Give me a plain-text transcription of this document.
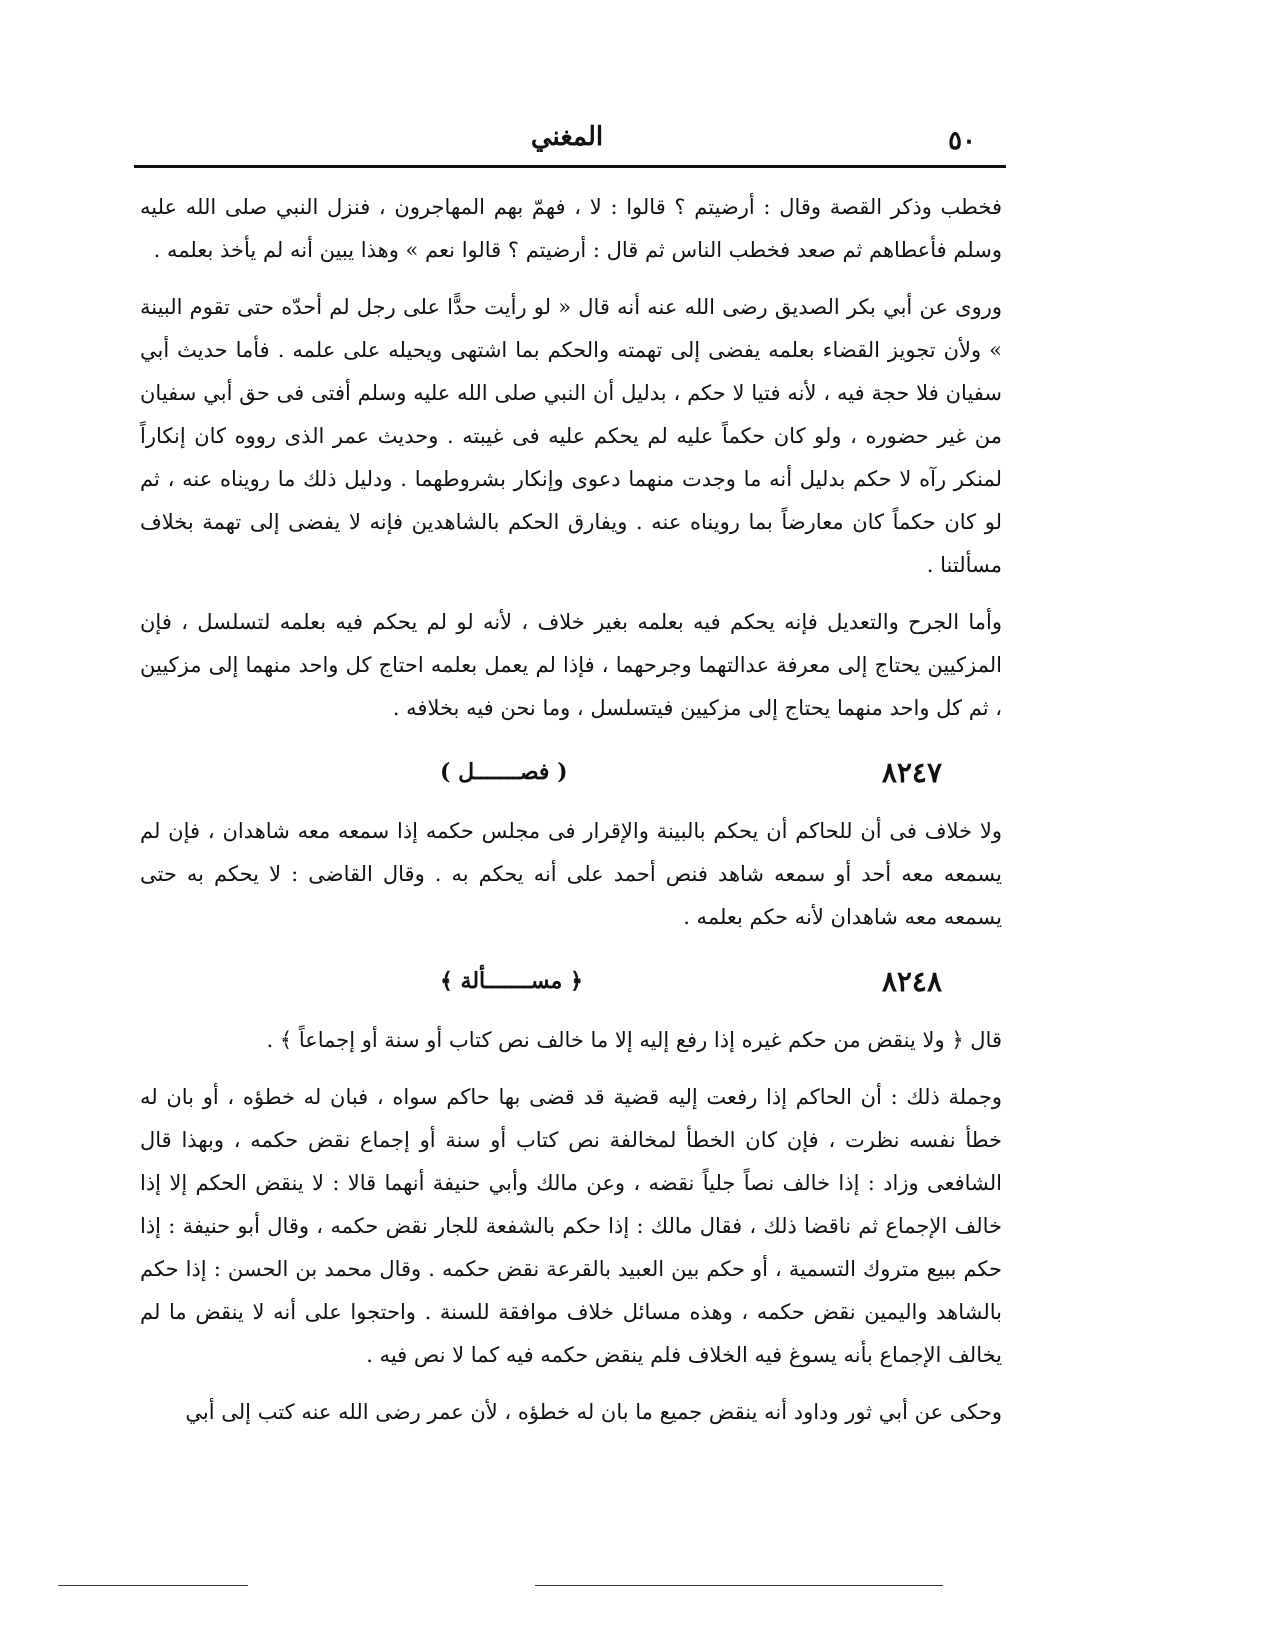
المغني	٥٠

فخطب وذكر القصة وقال : أرضيتم ؟ قالوا : لا ، فهمّ بهم المهاجرون ، فنزل النبي صلى الله عليه وسلم فأعطاهم ثم صعد فخطب الناس ثم قال : أرضيتم ؟ قالوا نعم » وهذا يبين أنه لم يأخذ بعلمه .

وروى عن أبي بكر الصديق رضى الله عنه أنه قال « لو رأيت حدًّا على رجل لم أحدّه حتى تقوم البينة » ولأن تجويز القضاء بعلمه يفضى إلى تهمته والحكم بما اشتهى ويحيله على علمه . فأما حديث أبي سفيان فلا حجة فيه ، لأنه فتيا لا حكم ، بدليل أن النبي صلى الله عليه وسلم أفتى فى حق أبي سفيان من غير حضوره ، ولو كان حكماً عليه لم يحكم عليه فى غيبته . وحديث عمر الذى رووه كان إنكاراً لمنكر رآه لا حكم بدليل أنه ما وجدت منهما دعوى وإنكار بشروطهما . ودليل ذلك ما رويناه عنه ، ثم لو كان حكماً كان معارضاً بما رويناه عنه . ويفارق الحكم بالشاهدين فإنه لا يفضى إلى تهمة بخلاف مسألتنا .

وأما الجرح والتعديل فإنه يحكم فيه بعلمه بغير خلاف ، لأنه لو لم يحكم فيه بعلمه لتسلسل ، فإن المزكيين يحتاج إلى معرفة عدالتهما وجرحهما ، فإذا لم يعمل بعلمه احتاج كل واحد منهما إلى مزكيين ، ثم كل واحد منهما يحتاج إلى مزكيين فيتسلسل ، وما نحن فيه بخلافه .

٨٢٤٧
( فصـــــــل )

ولا خلاف فى أن للحاكم أن يحكم بالبينة والإقرار فى مجلس حكمه إذا سمعه معه شاهدان ، فإن لم يسمعه معه أحد أو سمعه شاهد فنص أحمد على أنه يحكم به . وقال القاضى : لا يحكم به حتى يسمعه معه شاهدان لأنه حكم بعلمه .

٨٢٤٨
﴿ مســـــــألة ﴾

قال ﴿ ولا ينقض من حكم غيره إذا رفع إليه إلا ما خالف نص كتاب أو سنة أو إجماعاً ﴾ .

وجملة ذلك : أن الحاكم إذا رفعت إليه قضية قد قضى بها حاكم سواه ، فبان له خطؤه ، أو بان له خطأ نفسه نظرت ، فإن كان الخطأ لمخالفة نص كتاب أو سنة أو إجماع نقض حكمه ، وبهذا قال الشافعى وزاد : إذا خالف نصاً جلياً نقضه ، وعن مالك وأبي حنيفة أنهما قالا : لا ينقض الحكم إلا إذا خالف الإجماع ثم ناقضا ذلك ، فقال مالك : إذا حكم بالشفعة للجار نقض حكمه ، وقال أبو حنيفة : إذا حكم ببيع متروك التسمية ، أو حكم بين العبيد بالقرعة نقض حكمه . وقال محمد بن الحسن : إذا حكم بالشاهد واليمين نقض حكمه ، وهذه مسائل خلاف موافقة للسنة . واحتجوا على أنه لا ينقض ما لم يخالف الإجماع بأنه يسوغ فيه الخلاف فلم ينقض حكمه فيه كما لا نص فيه .

وحكى عن أبي ثور وداود أنه ينقض جميع ما بان له خطؤه ، لأن عمر رضى الله عنه كتب إلى أبي
